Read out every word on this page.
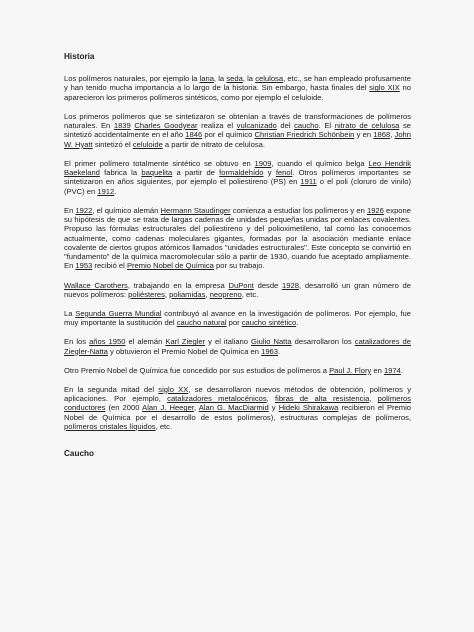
Historia

Los polímeros naturales, por ejemplo la lana, la seda, la celulosa, etc., se han empleado profusamente y han tenido mucha importancia a lo largo de la historia. Sin embargo, hasta finales del siglo XIX no aparecieron los primeros polímeros sintéticos, como por ejemplo el celuloide.

Los primeros polímeros que se sintetizaron se obtenían a través de transformaciones de polímeros naturales. En 1839 Charles Goodyear realiza el vulcanizado del caucho. El nitrato de celulosa se sintetizó accidentalmente en el año 1846 por el químico Christian Friedrich Schönbein y en 1868, John W. Hyatt sintetizó el celuloide a partir de nitrato de celulosa.

El primer polímero totalmente sintético se obtuvo en 1909, cuando el químico belga Leo Hendrik Baekeland fabrica la baquelita a partir de formaldehído y fenol. Otros polímeros importantes se sintetizaron en años siguientes, por ejemplo el poliestireno (PS) en 1911 o el poli (cloruro de vinilo) (PVC) en 1912.

En 1922, el químico alemán Hermann Staudinger comienza a estudiar los polímeros y en 1926 expone su hipótesis de que se trata de largas cadenas de unidades pequeñas unidas por enlaces covalentes. Propuso las fórmulas estructurales del poliestireno y del polioximetileno, tal como las conocemos actualmente, como cadenas moleculares gigantes, formadas por la asociación mediante enlace covalente de ciertos grupos atómicos llamados "unidades estructurales". Este concepto se convirtió en "fundamento" de la química macromolecular sólo a partir de 1930, cuando fue aceptado ampliamente. En 1953 recibió el Premio Nobel de Química por su trabajo.

Wallace Carothers, trabajando en la empresa DuPont desde 1928, desarrolló un gran número de nuevos polímeros: poliésteres, poliamidas, neopreno, etc.

La Segunda Guerra Mundial contribuyó al avance en la investigación de polímeros. Por ejemplo, fue muy importante la sustitución del caucho natural por caucho sintético.

En los años 1950 el alemán Karl Ziegler y el italiano Giulio Natta desarrollaron los catalizadores de Ziegler-Natta y obtuvieron el Premio Nobel de Química en 1963.

Otro Premio Nobel de Química fue concedido por sus estudios de polímeros a Paul J. Flory en 1974.

En la segunda mitad del siglo XX, se desarrollaron nuevos métodos de obtención, polímeros y aplicaciones. Por ejemplo, catalizadores metalocénicos, fibras de alta resistencia, polímeros conductores (en 2000 Alan J. Heeger, Alan G. MacDiarmid y Hideki Shirakawa recibieron el Premio Nobel de Química por el desarrollo de estos polímeros), estructuras complejas de polímeros, polímeros cristales líquidos, etc.

Caucho
